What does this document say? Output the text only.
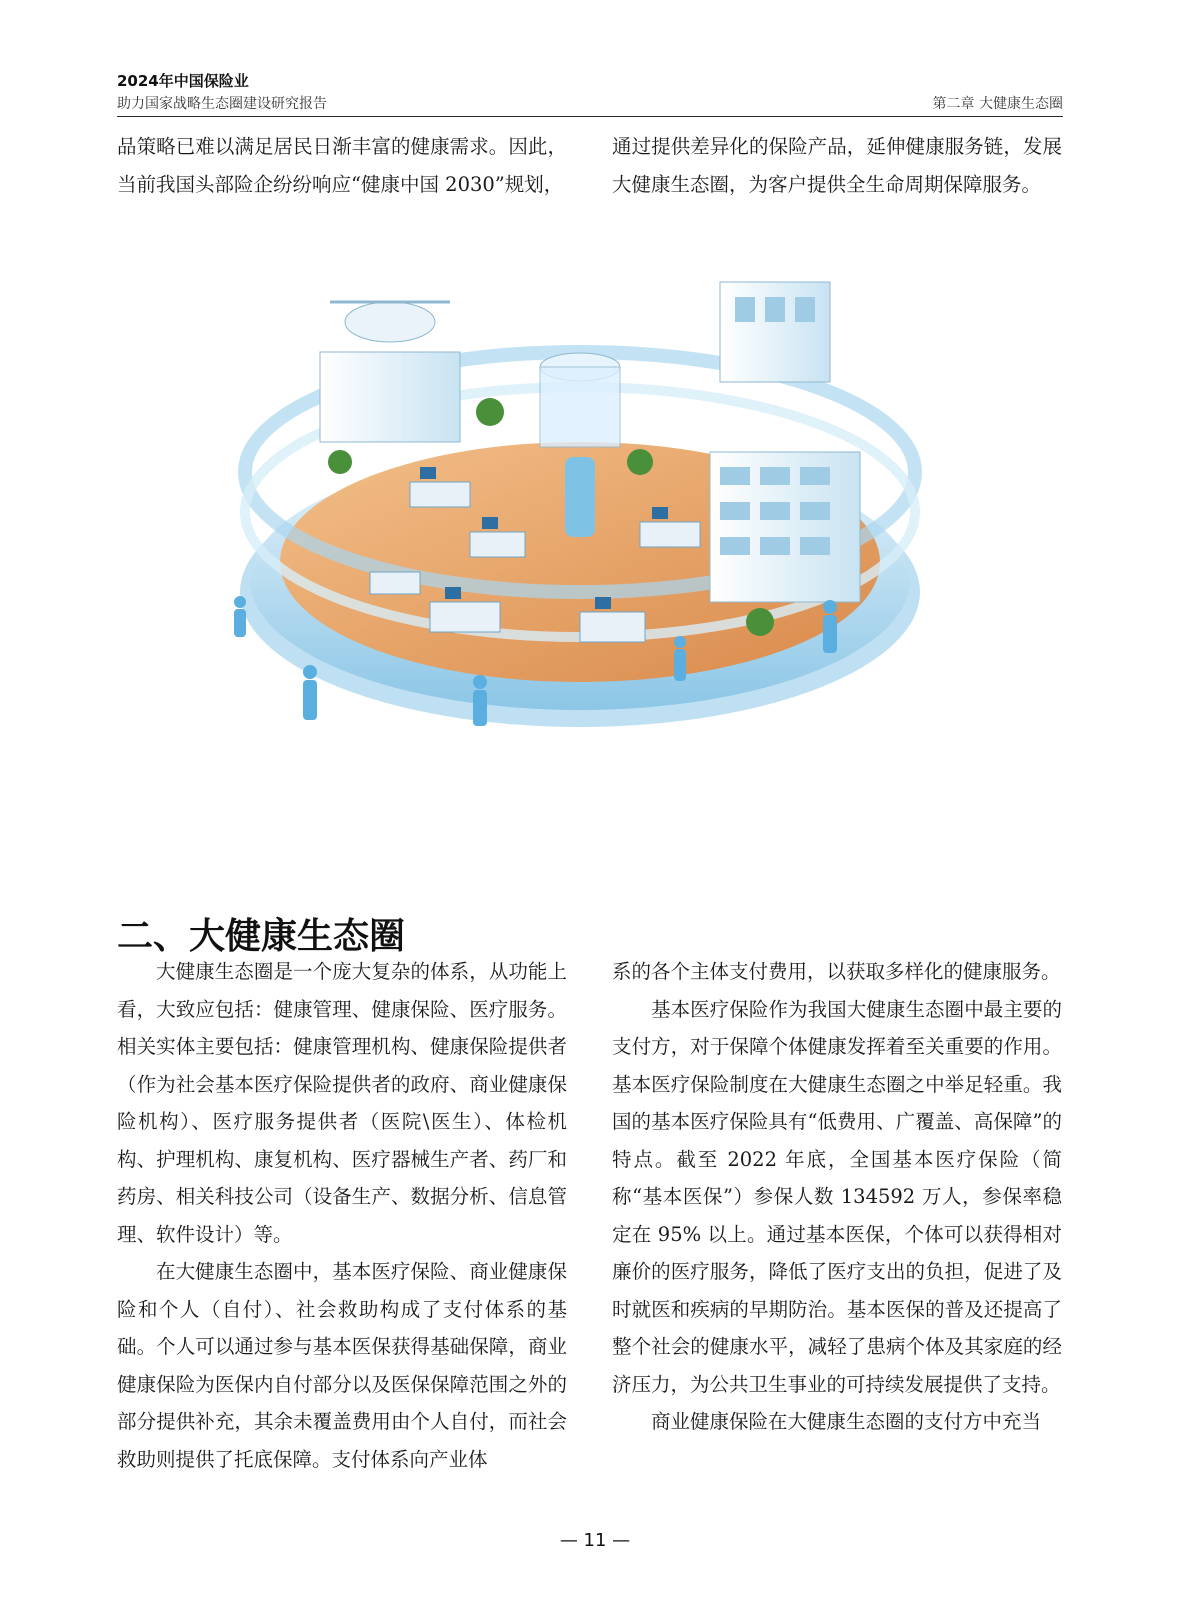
2024年中国保险业
助力国家战略生态圈建设研究报告	第二章 大健康生态圈

品策略已难以满足居民日渐丰富的健康需求。因此，当前我国头部险企纷纷响应“健康中国 2030”规划，

通过提供差异化的保险产品，延伸健康服务链，发展大健康生态圈，为客户提供全生命周期保障服务。

二、大健康生态圈

大健康生态圈是一个庞大复杂的体系，从功能上看，大致应包括：健康管理、健康保险、医疗服务。相关实体主要包括：健康管理机构、健康保险提供者（作为社会基本医疗保险提供者的政府、商业健康保险机构）、医疗服务提供者（医院\医生）、体检机构、护理机构、康复机构、医疗器械生产者、药厂和药房、相关科技公司（设备生产、数据分析、信息管理、软件设计）等。

在大健康生态圈中，基本医疗保险、商业健康保险和个人（自付）、社会救助构成了支付体系的基础。个人可以通过参与基本医保获得基础保障，商业健康保险为医保内自付部分以及医保保障范围之外的部分提供补充，其余未覆盖费用由个人自付，而社会救助则提供了托底保障。支付体系向产业体

系的各个主体支付费用，以获取多样化的健康服务。

基本医疗保险作为我国大健康生态圈中最主要的支付方，对于保障个体健康发挥着至关重要的作用。基本医疗保险制度在大健康生态圈之中举足轻重。我国的基本医疗保险具有“低费用、广覆盖、高保障”的特点。截至 2022 年底，全国基本医疗保险（简称“基本医保”）参保人数 134592 万人，参保率稳定在 95% 以上。通过基本医保，个体可以获得相对廉价的医疗服务，降低了医疗支出的负担，促进了及时就医和疾病的早期防治。基本医保的普及还提高了整个社会的健康水平，减轻了患病个体及其家庭的经济压力，为公共卫生事业的可持续发展提供了支持。

商业健康保险在大健康生态圈的支付方中充当

— 11 —
